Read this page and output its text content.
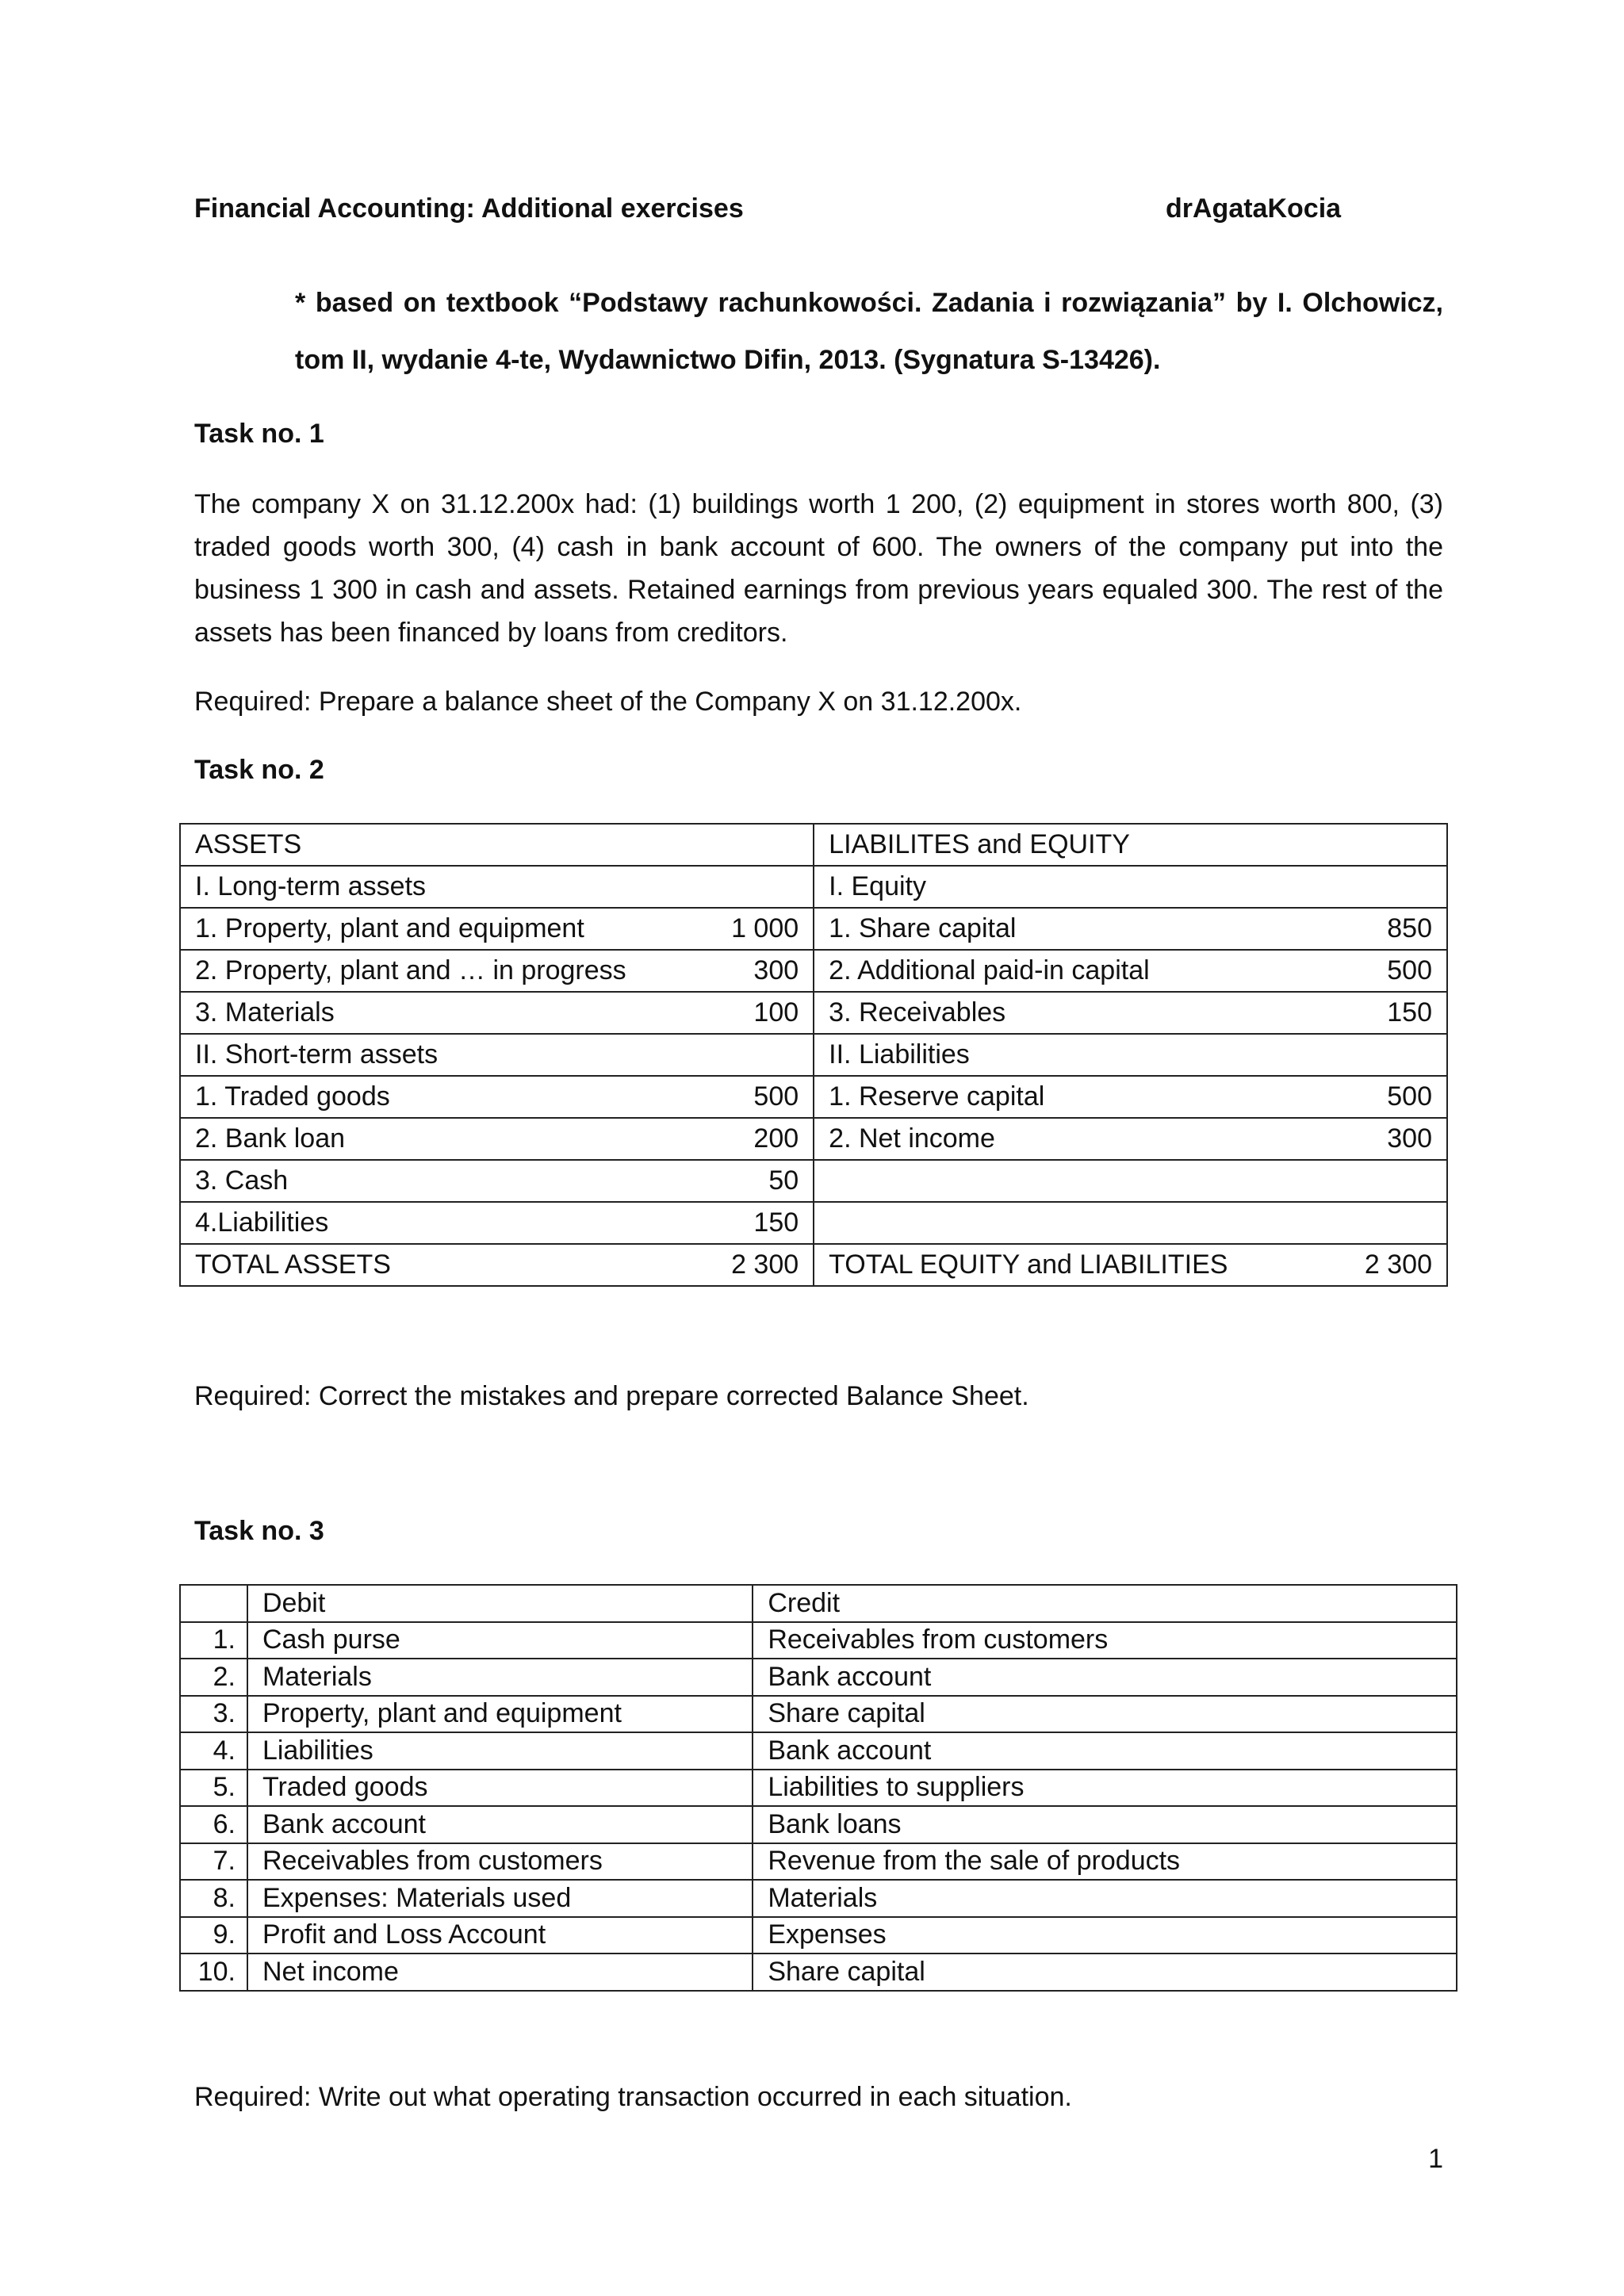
Financial Accounting: Additional exercises	drAgataKocia
* based on textbook “Podstawy rachunkowości. Zadania i rozwiązania” by I. Olchowicz, tom II, wydanie 4-te, Wydawnictwo Difin, 2013. (Sygnatura S-13426).
Task no. 1
The company X on 31.12.200x had: (1) buildings worth 1 200, (2) equipment in stores worth 800, (3) traded goods worth 300, (4) cash in bank account of 600. The owners of the company put into the business 1 300 in cash and assets. Retained earnings from previous years equaled 300. The rest of the assets has been financed by loans from creditors.
Required: Prepare a balance sheet of the Company X on 31.12.200x.
Task no. 2
ASSETS		LIABILITES and EQUITY	
I. Long-term assets		I. Equity	
1. Property, plant and equipment	1 000	1. Share capital	850
2. Property, plant and … in progress	300	2. Additional paid-in capital	500
3. Materials	100	3. Receivables	150
II. Short-term assets		II. Liabilities	
1. Traded goods	500	1. Reserve capital	500
2. Bank loan	200	2. Net income	300
3. Cash	50		
4.Liabilities	150		
TOTAL ASSETS	2 300	TOTAL EQUITY and LIABILITIES	2 300
Required: Correct the mistakes and prepare corrected Balance Sheet.
Task no. 3
	Debit	Credit
1.	Cash purse	Receivables from customers
2.	Materials	Bank account
3.	Property, plant and equipment	Share capital
4.	Liabilities	Bank account
5.	Traded goods	Liabilities to suppliers
6.	Bank account	Bank loans
7.	Receivables from customers	Revenue from the sale of products
8.	Expenses: Materials used	Materials
9.	Profit and Loss Account	Expenses
10.	Net income	Share capital
Required: Write out what operating transaction occurred in each situation.
1
